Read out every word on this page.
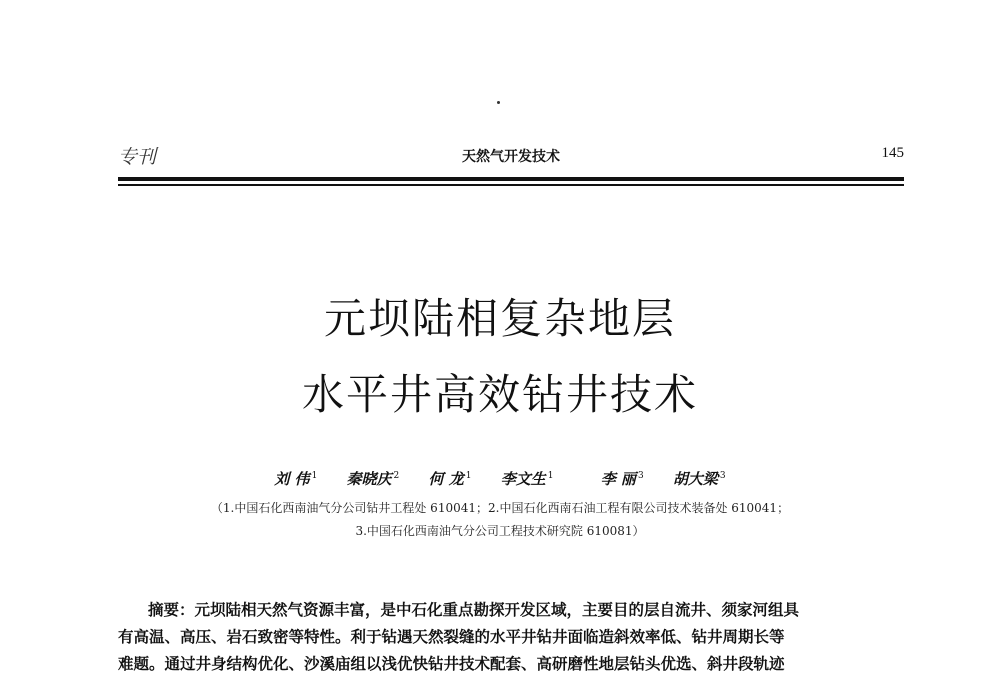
专刊	天然气开发技术	145
元坝陆相复杂地层
水平井高效钻井技术
刘 伟 $^1$ 秦晓庆 $^2$ 何 龙 $^1$ 李文生 $^1$	李 丽 $^3$ 胡大梁 $^3$
（1.中国石化西南油气分公司钻井工程处 610041；2.中国石化西南石油工程有限公司技术装备处 610041；
3.中国石化西南油气分公司工程技术研究院 610081）
摘要：元坝陆相天然气资源丰富，是中石化重点勘探开发区域，主要目的层自流井、须家河组具
有高温、高压、岩石致密等特性。利于钻遇天然裂缝的水平井钻井面临造斜效率低、钻井周期长等
难题。通过井身结构优化、沙溪庙组以浅优快钻井技术配套、高研磨性地层钻头优选、斜井段轨迹
